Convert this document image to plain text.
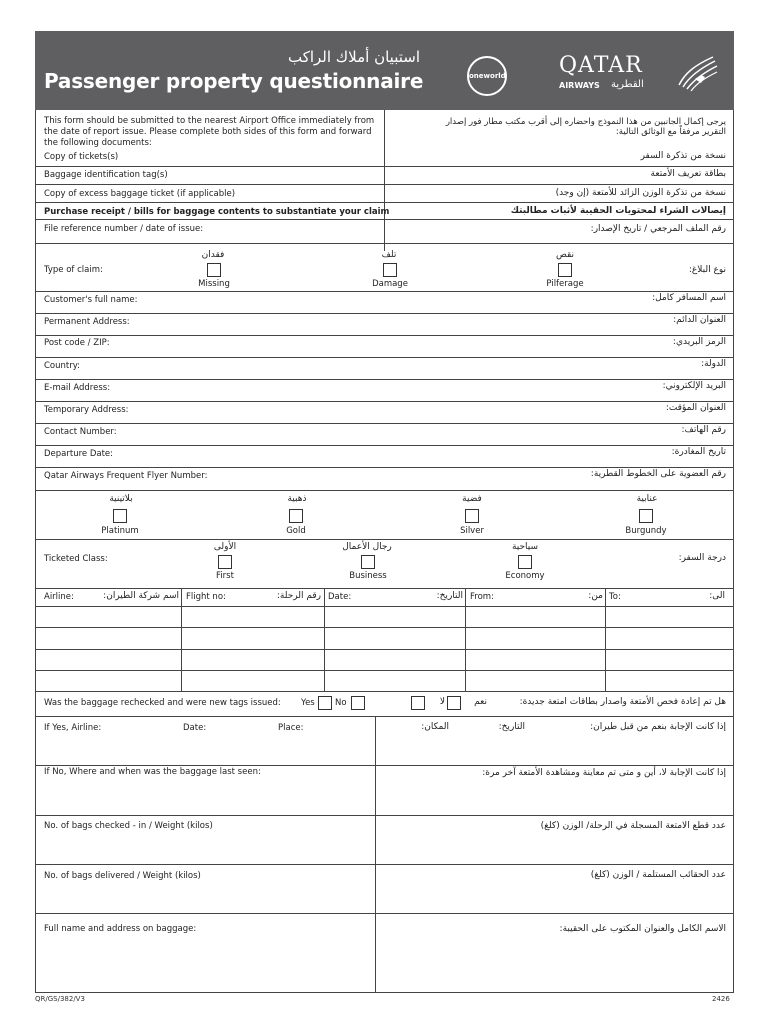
استبيان أملاك الراكب
Passenger property questionnaire	oneworld QATAR
AIRWAYS القطرية
This form should be submitted to the nearest Airport Office immediately from the date of report issue. Please complete both sides of this form and forward the following documents:
يرجى إكمال الجانبين من هذا النموذج واحضاره إلى أقرب مكتب مطار فور إصدار
التقرير مرفقاً مع الوثائق التالية:
Copy of tickets(s)	نسخة من تذكرة السفر
Baggage identification tag(s)	بطاقة تعريف الأمتعة
Copy of excess baggage ticket (if applicable)	نسخة من تذكرة الوزن الزائد للأمتعة (إن وجد)
Purchase receipt / bills for baggage contents to substantiate your claim	إيصالات الشراء لمحتويات الحقيبة لأثبات مطالبتك
File reference number / date of issue:	رقم الملف المرجعي / تاريخ الإصدار:
Type of claim:	نوع البلاغ:
فقدان
Missing
تلف
Damage
نقص
Pilferage
Customer's full name:	اسم المسافر كامل:
Permanent Address:	العنوان الدائم:
Post code / ZIP:	الرمز البريدي:
Country:	الدولة:
E-mail Address:	البريد الإلكتروني:
Temporary Address:	العنوان المؤقت:
Contact Number:	رقم الهاتف:
Departure Date:	تاريخ المغادرة:
Qatar Airways Frequent Flyer Number:	رقم العضوية على الخطوط القطرية:
بلاتينية
Platinum
ذهبية
Gold
فضية
Silver
عنابية
Burgundy
Ticketed Class:	درجة السفر:
الأولى
First
رجال الأعمال
Business
سياحية
Economy
Airline:	اسم شركة الطيران: Flight no:	رقم الرحلة: Date:	التاريخ: From:	من: To:	الى:
Was the baggage rechecked and were new tags issued: Yes No	لا	نعم	هل تم إعادة فحص الأمتعة واصدار بطاقات امتعة جديدة:
If Yes, Airline:	Date:	Place:	المكان:	التاريخ:	إذا كانت الإجابة بنعم من قبل طيران:
If No, Where and when was the baggage last seen:	إذا كانت الإجابة لا، أين و متى تم معاينة ومشاهدة الأمتعة آخر مرة:
No. of bags checked - in / Weight (kilos)	عدد قطع الامتعة المسجلة في الرحلة/ الوزن (كلغ)
No. of bags delivered / Weight (kilos)	عدد الحقائب المستلمة / الوزن (كلغ)
Full name and address on baggage:	الاسم الكامل والعنوان المكتوب على الحقيبة:
QR/GS/382/V3	2426
